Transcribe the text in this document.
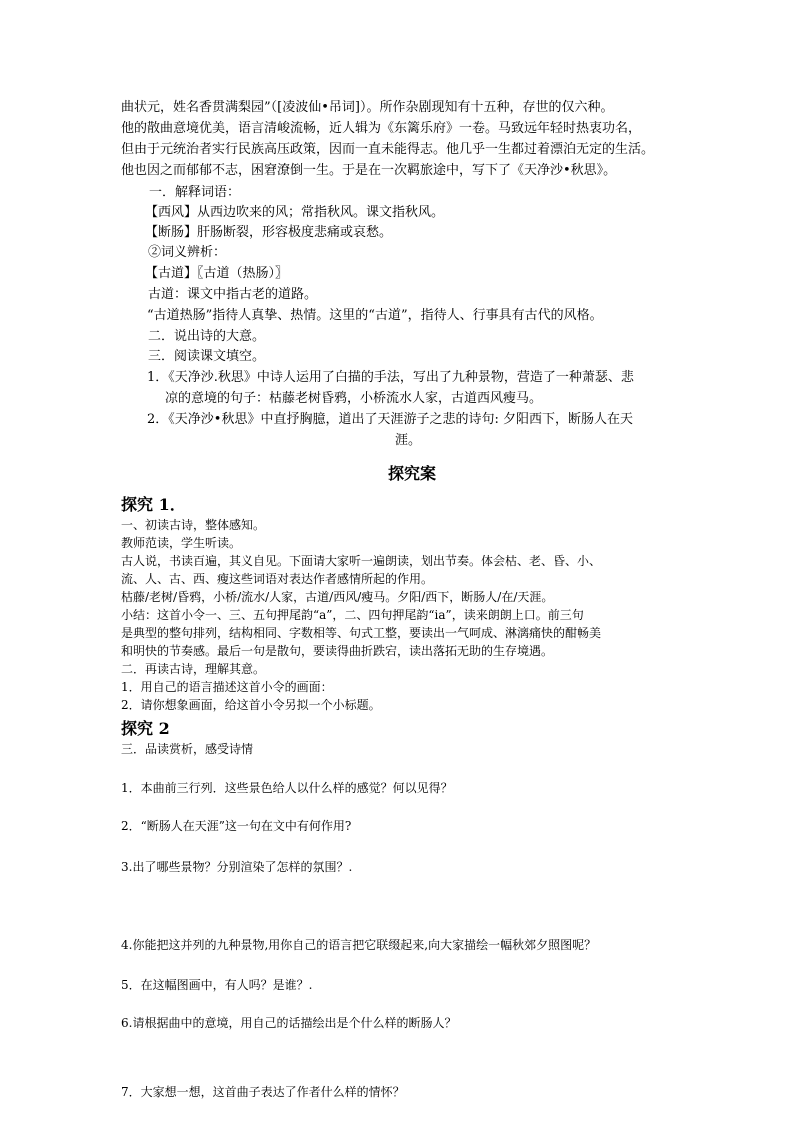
曲状元，姓名香贯满梨园”（[凌波仙•吊词]）。所作杂剧现知有十五种，存世的仅六种。
他的散曲意境优美，语言清峻流畅，近人辑为《东篱乐府》一卷。马致远年轻时热衷功名，
但由于元统治者实行民族高压政策，因而一直未能得志。他几乎一生都过着漂泊无定的生活。
他也因之而郁郁不志，困窘潦倒一生。于是在一次羁旅途中，写下了《天净沙•秋思》。
一．解释词语：
【西风】从西边吹来的风；常指秋风。课文指秋风。
【断肠】肝肠断裂，形容极度悲痛或哀愁。
②词义辨析：
【古道】〖古道（热肠）〗
古道：课文中指古老的道路。
“古道热肠”指待人真挚、热情。这里的“古道”，指待人、行事具有古代的风格。
二．说出诗的大意。
三．阅读课文填空。
1．《天净沙.秋思》中诗人运用了白描的手法，写出了九种景物，营造了一种萧瑟、悲
凉的意境的句子：枯藤老树昏鸦，小桥流水人家，古道西风瘦马。
2．《天净沙•秋思》中直抒胸臆，道出了天涯游子之悲的诗句: 夕阳西下，断肠人在天
涯。
探究案
探究 1．
一、初读古诗，整体感知。
教师范读，学生听读。
古人说，书读百遍，其义自见。下面请大家听一遍朗读，划出节奏。体会枯、老、昏、小、
流、人、古、西、瘦这些词语对表达作者感情所起的作用。
枯藤/老树/昏鸦，小桥/流水/人家，古道/西风/瘦马。夕阳/西下，断肠人/在/天涯。
小结：这首小令一、三、五句押尾韵“a”，二、四句押尾韵“ia”，读来朗朗上口。前三句
是典型的整句排列，结构相同、字数相等、句式工整，要读出一气呵成、淋漓痛快的酣畅美
和明快的节奏感。最后一句是散句，要读得曲折跌宕，读出落拓无助的生存境遇。
二．再读古诗，理解其意。
1．用自己的语言描述这首小令的画面：
2．请你想象画面，给这首小令另拟一个小标题。
探究 2
三．品读赏析，感受诗情
1．本曲前三行列．这些景色给人以什么样的感觉？何以见得？
2．“断肠人在天涯”这一句在文中有何作用?
3.出了哪些景物？分别渲染了怎样的氛围？.
4.你能把这并列的九种景物,用你自己的语言把它联缀起来,向大家描绘一幅秋郊夕照图呢？
5．在这幅图画中，有人吗？是谁？.
6.请根据曲中的意境，用自己的话描绘出是个什么样的断肠人？
7．大家想一想，这首曲子表达了作者什么样的情怀？
